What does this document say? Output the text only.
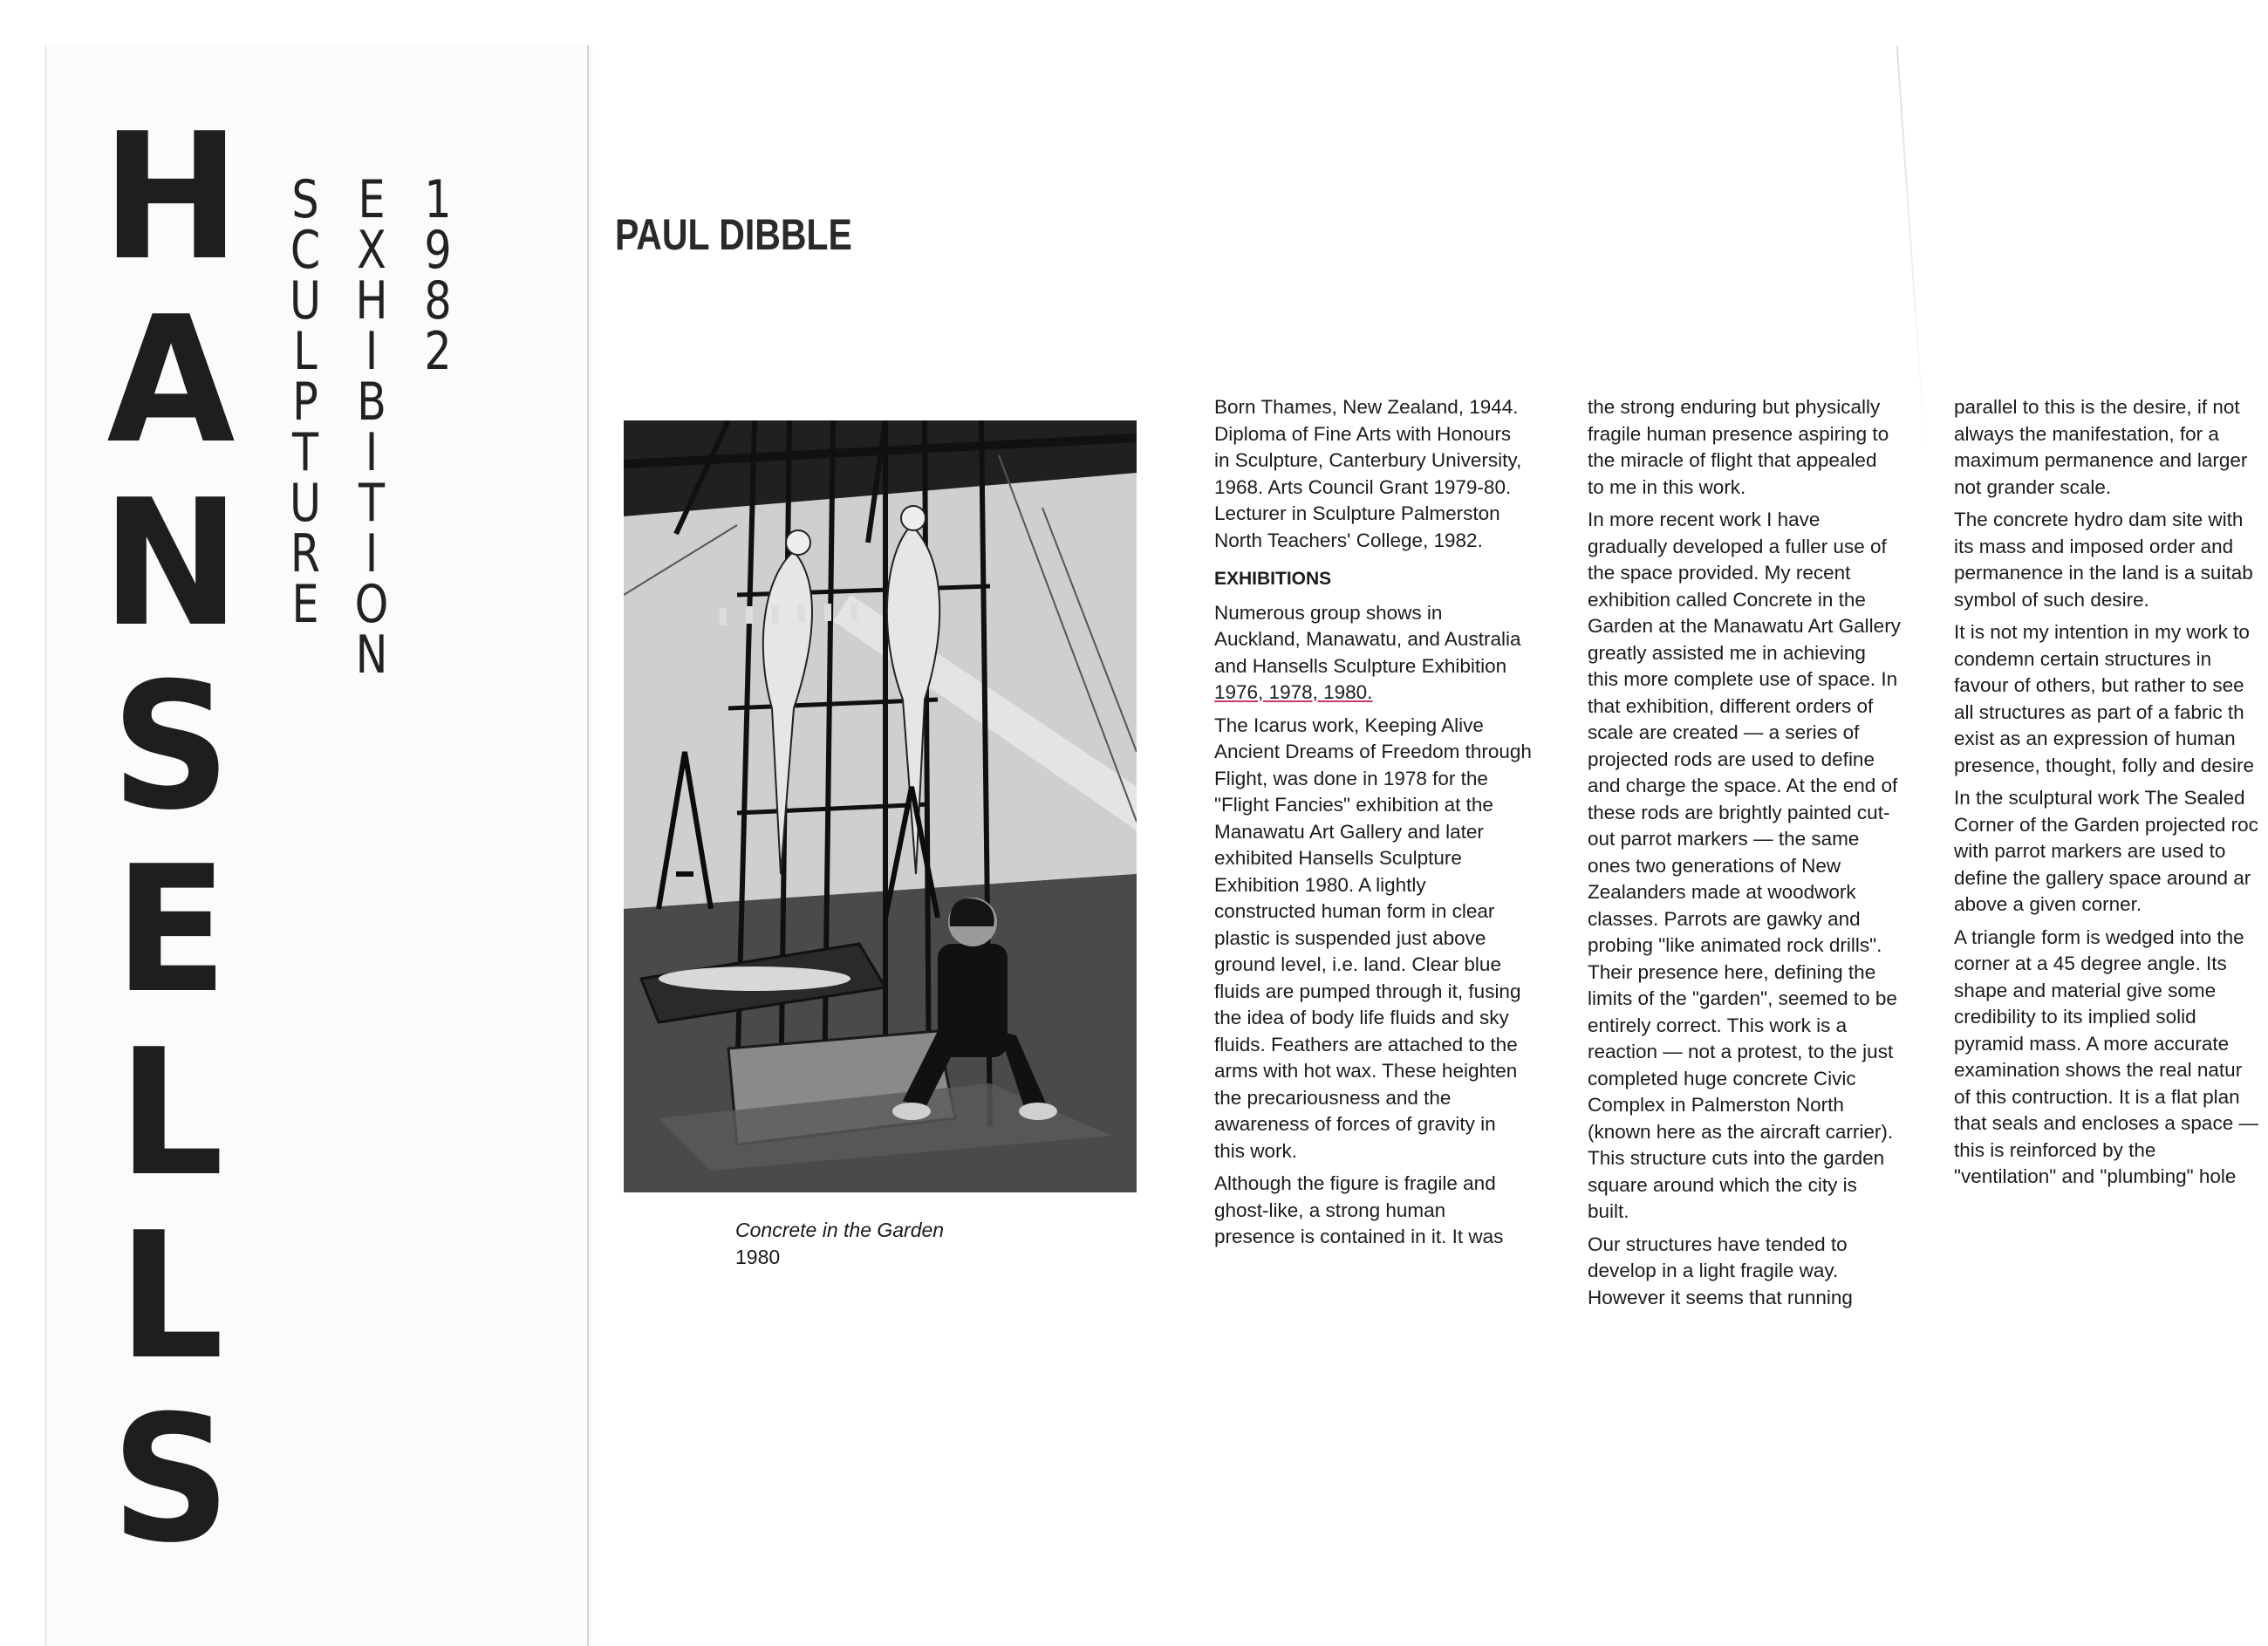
H
A
N
S
E
L
L
S
S
C
U
L
P
T
U
R
E
E
X
H
I
B
I
T
I
O
N
1
9
8
2
PAUL DIBBLE
Concrete in the Garden
1980

Born Thames, New Zealand, 1944.
Diploma of Fine Arts with Honours
in Sculpture, Canterbury University,
1968. Arts Council Grant 1979-80.
Lecturer in Sculpture Palmerston
North Teachers' College, 1982.

EXHIBITIONS

Numerous group shows in
Auckland, Manawatu, and Australia
and Hansells Sculpture Exhibition
1976, 1978, 1980.

The Icarus work, Keeping Alive
Ancient Dreams of Freedom through
Flight, was done in 1978 for the
"Flight Fancies" exhibition at the
Manawatu Art Gallery and later
exhibited Hansells Sculpture
Exhibition 1980. A lightly
constructed human form in clear
plastic is suspended just above
ground level, i.e. land. Clear blue
fluids are pumped through it, fusing
the idea of body life fluids and sky
fluids. Feathers are attached to the
arms with hot wax. These heighten
the precariousness and the
awareness of forces of gravity in
this work.

Although the figure is fragile and
ghost-like, a strong human
presence is contained in it. It was

the strong enduring but physically
fragile human presence aspiring to
the miracle of flight that appealed
to me in this work.

In more recent work I have
gradually developed a fuller use of
the space provided. My recent
exhibition called Concrete in the
Garden at the Manawatu Art Gallery
greatly assisted me in achieving
this more complete use of space. In
that exhibition, different orders of
scale are created — a series of
projected rods are used to define
and charge the space. At the end of
these rods are brightly painted cut-
out parrot markers — the same
ones two generations of New
Zealanders made at woodwork
classes. Parrots are gawky and
probing "like animated rock drills".
Their presence here, defining the
limits of the "garden", seemed to be
entirely correct. This work is a
reaction — not a protest, to the just
completed huge concrete Civic
Complex in Palmerston North
(known here as the aircraft carrier).
This structure cuts into the garden
square around which the city is
built.

Our structures have tended to
develop in a light fragile way.
However it seems that running

parallel to this is the desire, if not
always the manifestation, for a
maximum permanence and larger
not grander scale.

The concrete hydro dam site with
its mass and imposed order and
permanence in the land is a suitab
symbol of such desire.

It is not my intention in my work to
condemn certain structures in
favour of others, but rather to see
all structures as part of a fabric th
exist as an expression of human
presence, thought, folly and desire

In the sculptural work The Sealed
Corner of the Garden projected roc
with parrot markers are used to
define the gallery space around ar
above a given corner.

A triangle form is wedged into the
corner at a 45 degree angle. Its
shape and material give some
credibility to its implied solid
pyramid mass. A more accurate
examination shows the real natur
of this contruction. It is a flat plan
that seals and encloses a space —
this is reinforced by the
"ventilation" and "plumbing" hole
